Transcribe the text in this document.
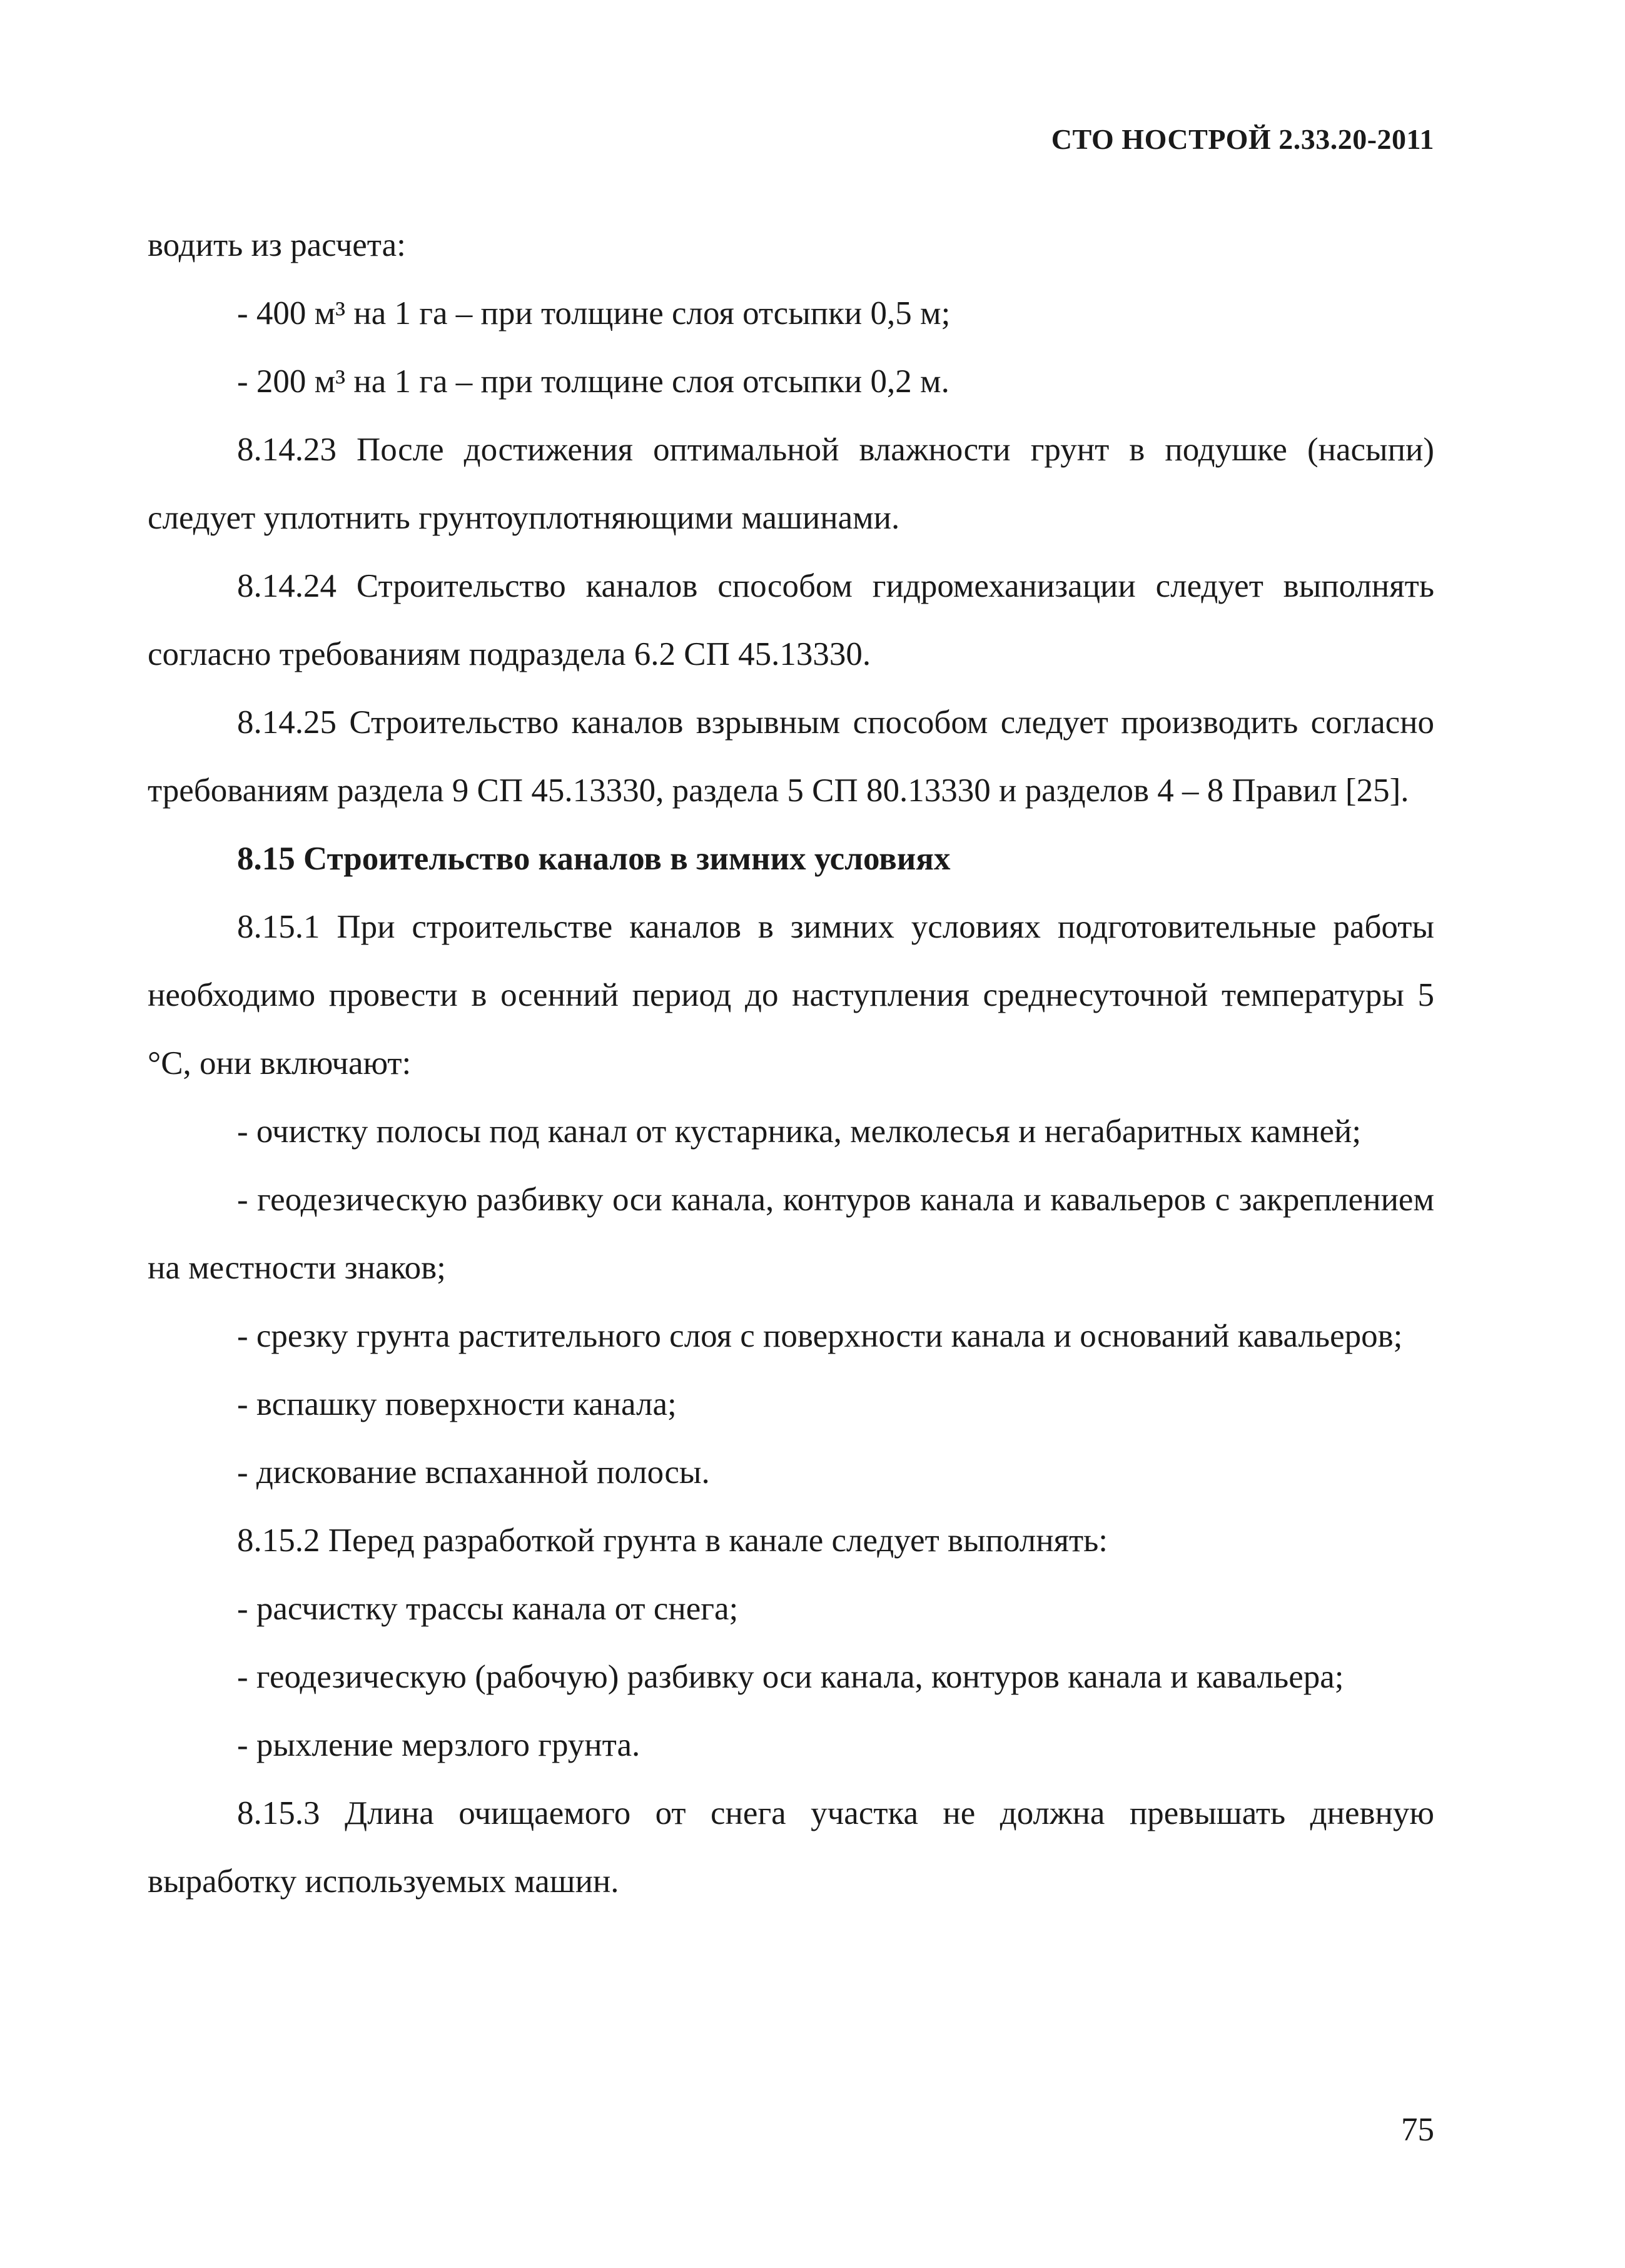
СТО НОСТРОЙ 2.33.20-2011

водить из расчета:

- 400 м³ на 1 га – при толщине слоя отсыпки 0,5 м;

- 200 м³ на 1 га – при толщине слоя отсыпки 0,2 м.

8.14.23 После достижения оптимальной влажности грунт в подушке (насыпи) следует уплотнить грунтоуплотняющими машинами.

8.14.24 Строительство каналов способом гидромеханизации следует выполнять согласно требованиям подраздела 6.2 СП 45.13330.

8.14.25 Строительство каналов взрывным способом следует производить согласно требованиям раздела 9 СП 45.13330, раздела 5 СП 80.13330 и разделов 4 – 8 Правил [25].

8.15 Строительство каналов в зимних условиях

8.15.1 При строительстве каналов в зимних условиях подготовительные работы необходимо провести в осенний период до наступления среднесуточной температуры 5 °С, они включают:

- очистку полосы под канал от кустарника, мелколесья и негабаритных камней;

- геодезическую разбивку оси канала, контуров канала и кавальеров с закреплением на местности знаков;

- срезку грунта растительного слоя с поверхности канала и оснований кавальеров;

- вспашку поверхности канала;

- дискование вспаханной полосы.

8.15.2 Перед разработкой грунта в канале следует выполнять:

- расчистку трассы канала от снега;

- геодезическую (рабочую) разбивку оси канала, контуров канала и кавальера;

- рыхление мерзлого грунта.

8.15.3 Длина очищаемого от снега участка не должна превышать дневную выработку используемых машин.

75
